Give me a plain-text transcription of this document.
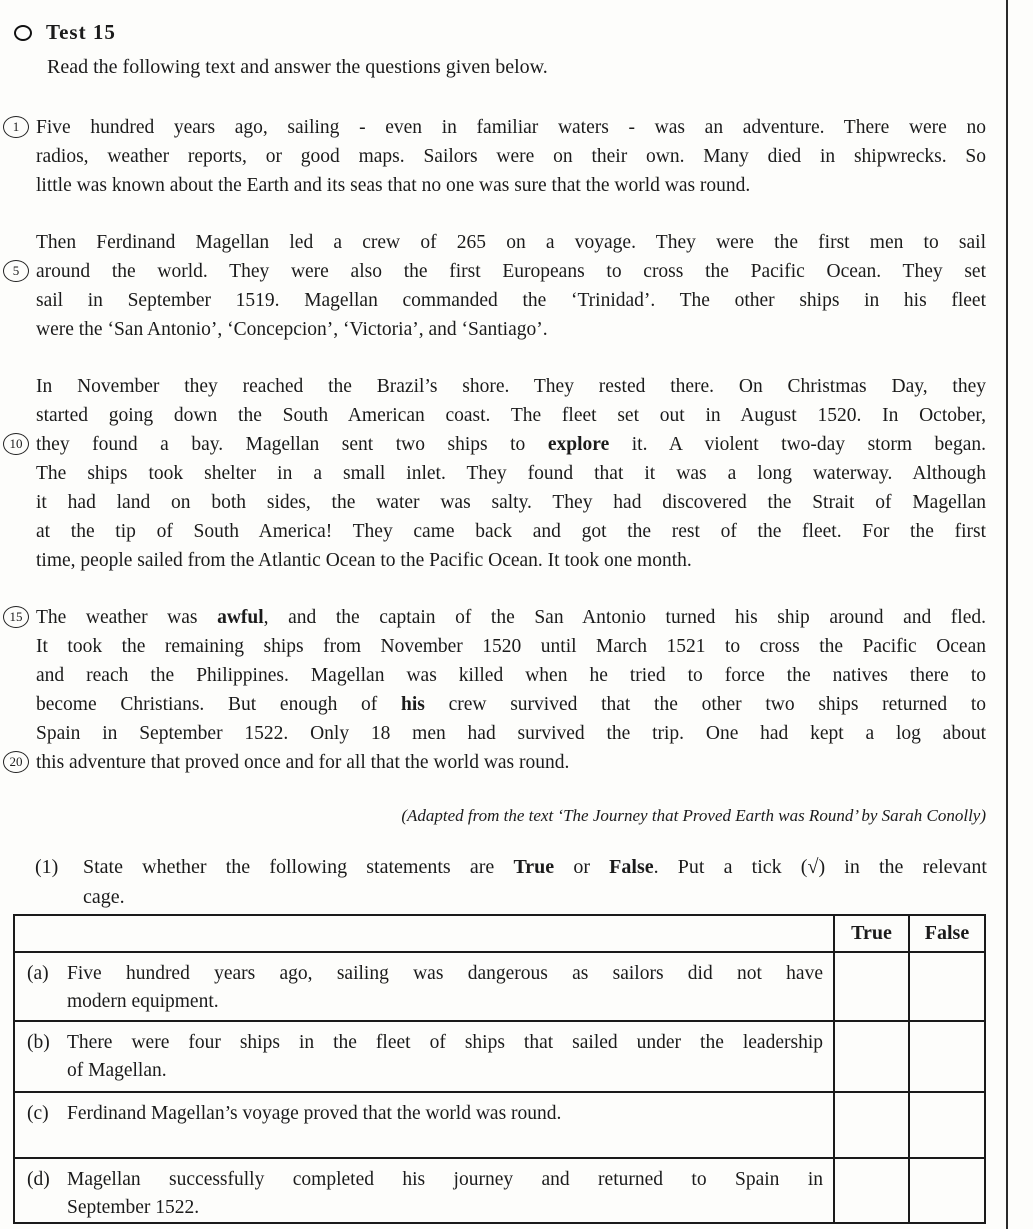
Test 15
Read the following text and answer the questions given below.
Five hundred years ago, sailing - even in familiar waters - was an adventure. There were no
1
radios, weather reports, or good maps. Sailors were on their own. Many died in shipwrecks. So
little was known about the Earth and its seas that no one was sure that the world was round.
Then Ferdinand Magellan led a crew of 265 on a voyage. They were the first men to sail
around the world. They were also the first Europeans to cross the Pacific Ocean. They set
5
sail in September 1519. Magellan commanded the ‘Trinidad’. The other ships in his fleet
were the ‘San Antonio’, ‘Concepcion’, ‘Victoria’, and ‘Santiago’.
In November they reached the Brazil’s shore. They rested there. On Christmas Day, they
started going down the South American coast. The fleet set out in August 1520. In October,
they found a bay. Magellan sent two ships to explore it. A violent two-day storm began.
10
The ships took shelter in a small inlet. They found that it was a long waterway. Although
it had land on both sides, the water was salty. They had discovered the Strait of Magellan
at the tip of South America! They came back and got the rest of the fleet. For the first
time, people sailed from the Atlantic Ocean to the Pacific Ocean. It took one month.
The weather was awful, and the captain of the San Antonio turned his ship around and fled.
15
It took the remaining ships from November 1520 until March 1521 to cross the Pacific Ocean
and reach the Philippines. Magellan was killed when he tried to force the natives there to
become Christians. But enough of his crew survived that the other two ships returned to
Spain in September 1522. Only 18 men had survived the trip. One had kept a log about
this adventure that proved once and for all that the world was round.
20
(Adapted from the text ‘The Journey that Proved Earth was Round’ by Sarah Conolly)
(1) State whether the following statements are True or False. Put a tick (√) in the relevant
cage.
	True	False

(a) Five hundred years ago, sailing was dangerous as sailors did not have
modern equipment.		

(b) There were four ships in the fleet of ships that sailed under the leadership
of Magellan.		

(c) Ferdinand Magellan’s voyage proved that the world was round.		

(d) Magellan successfully completed his journey and returned to Spain in
September 1522.		
